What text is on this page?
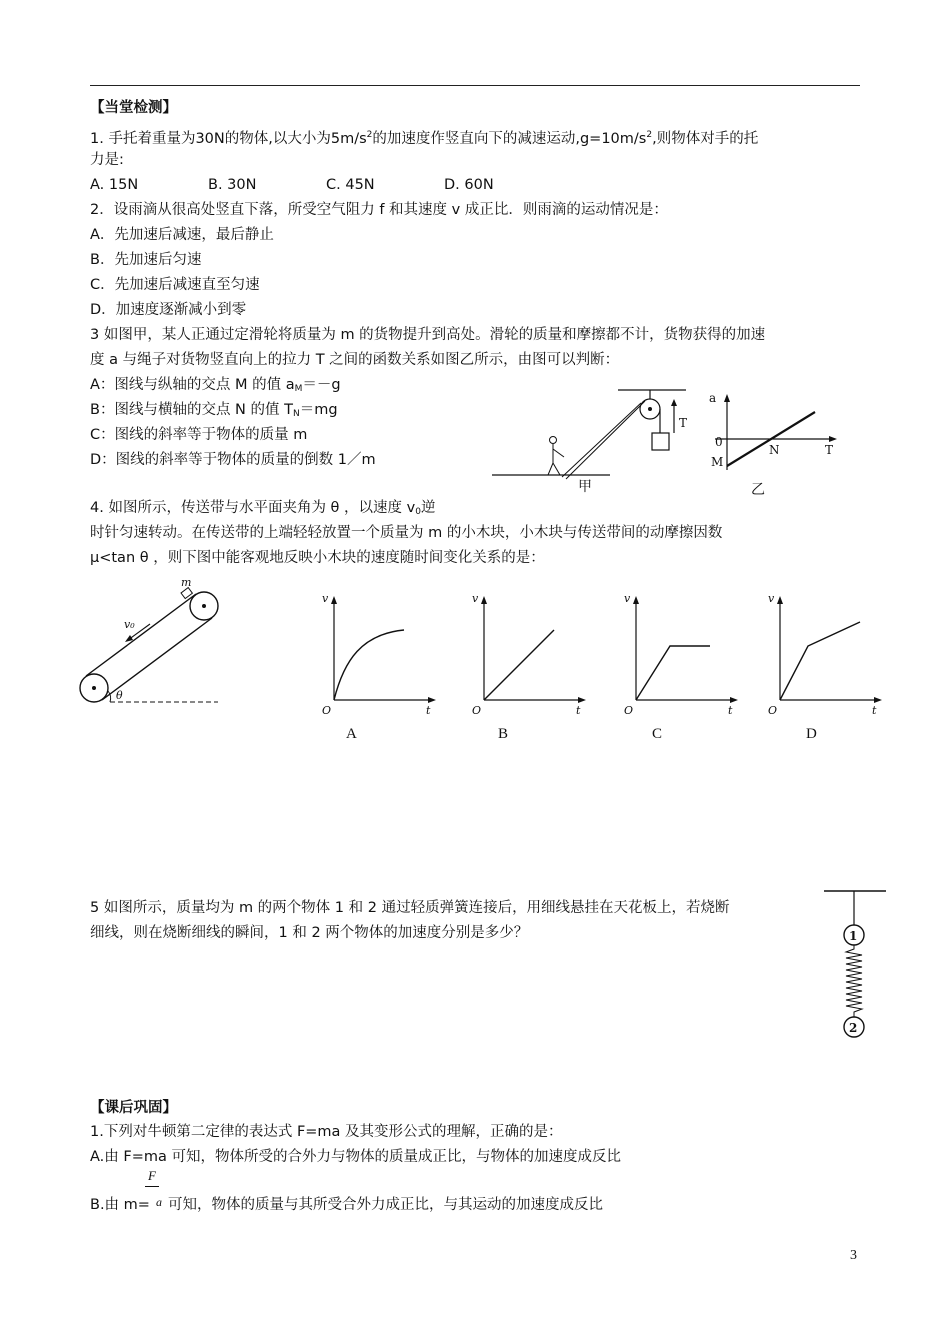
【当堂检测】
1. 手托着重量为30N的物体,以大小为$5m/s^2$的加速度作竖直向下的减速运动$,g=10m/s^2$,则物体对手的托
力是:
A. 15N	B. 30N	C. 45N	D. 60N
2．设雨滴从很高处竖直下落，所受空气阻力 f 和其速度 v 成正比．则雨滴的运动情况是：
A．先加速后减速，最后静止
B．先加速后匀速
C．先加速后减速直至匀速
D．加速度逐渐减小到零
3 如图甲，某人正通过定滑轮将质量为 m 的货物提升到高处。滑轮的质量和摩擦都不计，货物获得的加速
度 a 与绳子对货物竖直向上的拉力 T 之间的函数关系如图乙所示，由图可以判断：
A：图线与纵轴的交点 M 的值 $a_M=-g$
B：图线与横轴的交点 N 的值 $T_N=mg$
C：图线的斜率等于物体的质量 m
D：图线的斜率等于物体的质量的倒数 1／m
T
甲
a
0
M
N	T
乙
4. 如图所示，传送带与水平面夹角为 θ ，以速度 $v_0$逆
时针匀速转动。在传送带的上端轻轻放置一个质量为 m 的小木块，小木块与传送带间的动摩擦因数
μ<tan θ ，则下图中能客观地反映小木块的速度随时间变化关系的是：
m
v₀
θ
v
O	t
v
O	t
v
O	t
v
O	t
A	B	C	D
5 如图所示，质量均为 m 的两个物体 1 和 2 通过轻质弹簧连接后，用细线悬挂在天花板上，若烧断
细线，则在烧断细线的瞬间，1 和 2 两个物体的加速度分别是多少？	1
2
【课后巩固】
1.下列对牛顿第二定律的表达式 F=ma 及其变形公式的理解，正确的是：
A.由 F=ma 可知，物体所受的合外力与物体的质量成正比，与物体的加速度成反比
F
B.由 m= a 可知，物体的质量与其所受合外力成正比，与其运动的加速度成反比
3
